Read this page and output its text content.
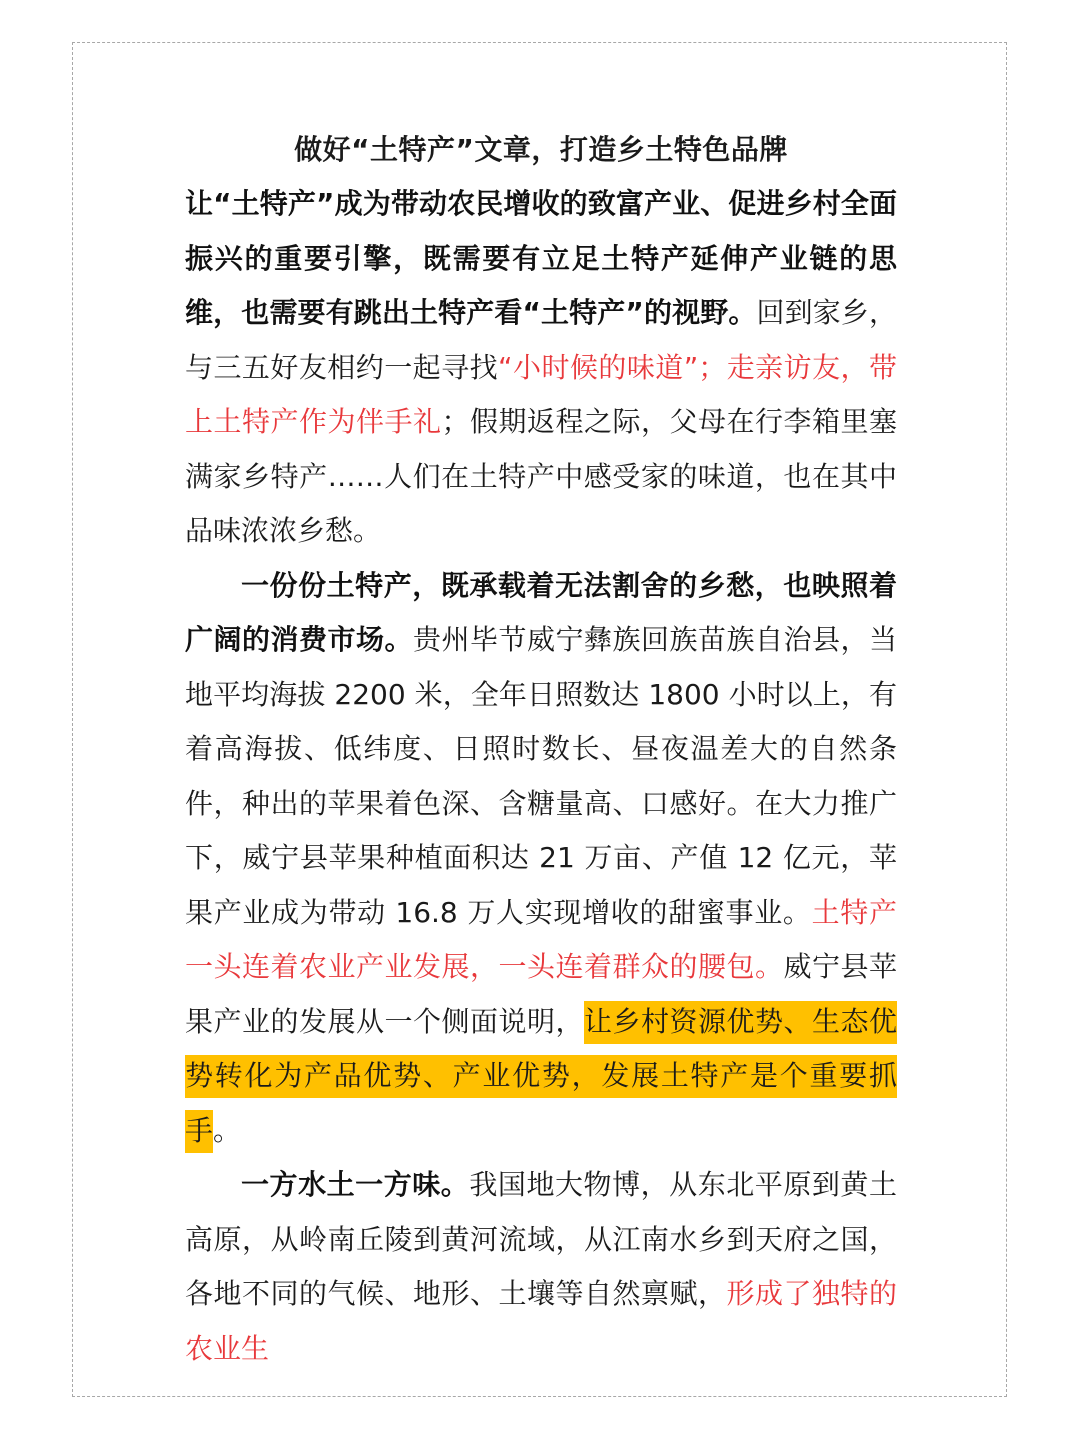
做好“土特产”文章，打造乡土特色品牌

让“土特产”成为带动农民增收的致富产业、促进乡村全面振兴的重要引擎，既需要有立足土特产延伸产业链的思维，也需要有跳出土特产看“土特产”的视野。回到家乡，与三五好友相约一起寻找“小时候的味道”；走亲访友，带上土特产作为伴手礼；假期返程之际，父母在行李箱里塞满家乡特产……人们在土特产中感受家的味道，也在其中品味浓浓乡愁。

一份份土特产，既承载着无法割舍的乡愁，也映照着广阔的消费市场。贵州毕节威宁彝族回族苗族自治县，当地平均海拔 2200 米，全年日照数达 1800 小时以上，有着高海拔、低纬度、日照时数长、昼夜温差大的自然条件，种出的苹果着色深、含糖量高、口感好。在大力推广下，威宁县苹果种植面积达 21 万亩、产值 12 亿元，苹果产业成为带动 16.8 万人实现增收的甜蜜事业。土特产一头连着农业产业发展，一头连着群众的腰包。威宁县苹果产业的发展从一个侧面说明，让乡村资源优势、生态优势转化为产品优势、产业优势，发展土特产是个重要抓手。

一方水土一方味。我国地大物博，从东北平原到黄土高原，从岭南丘陵到黄河流域，从江南水乡到天府之国，各地不同的气候、地形、土壤等自然禀赋，形成了独特的农业生
